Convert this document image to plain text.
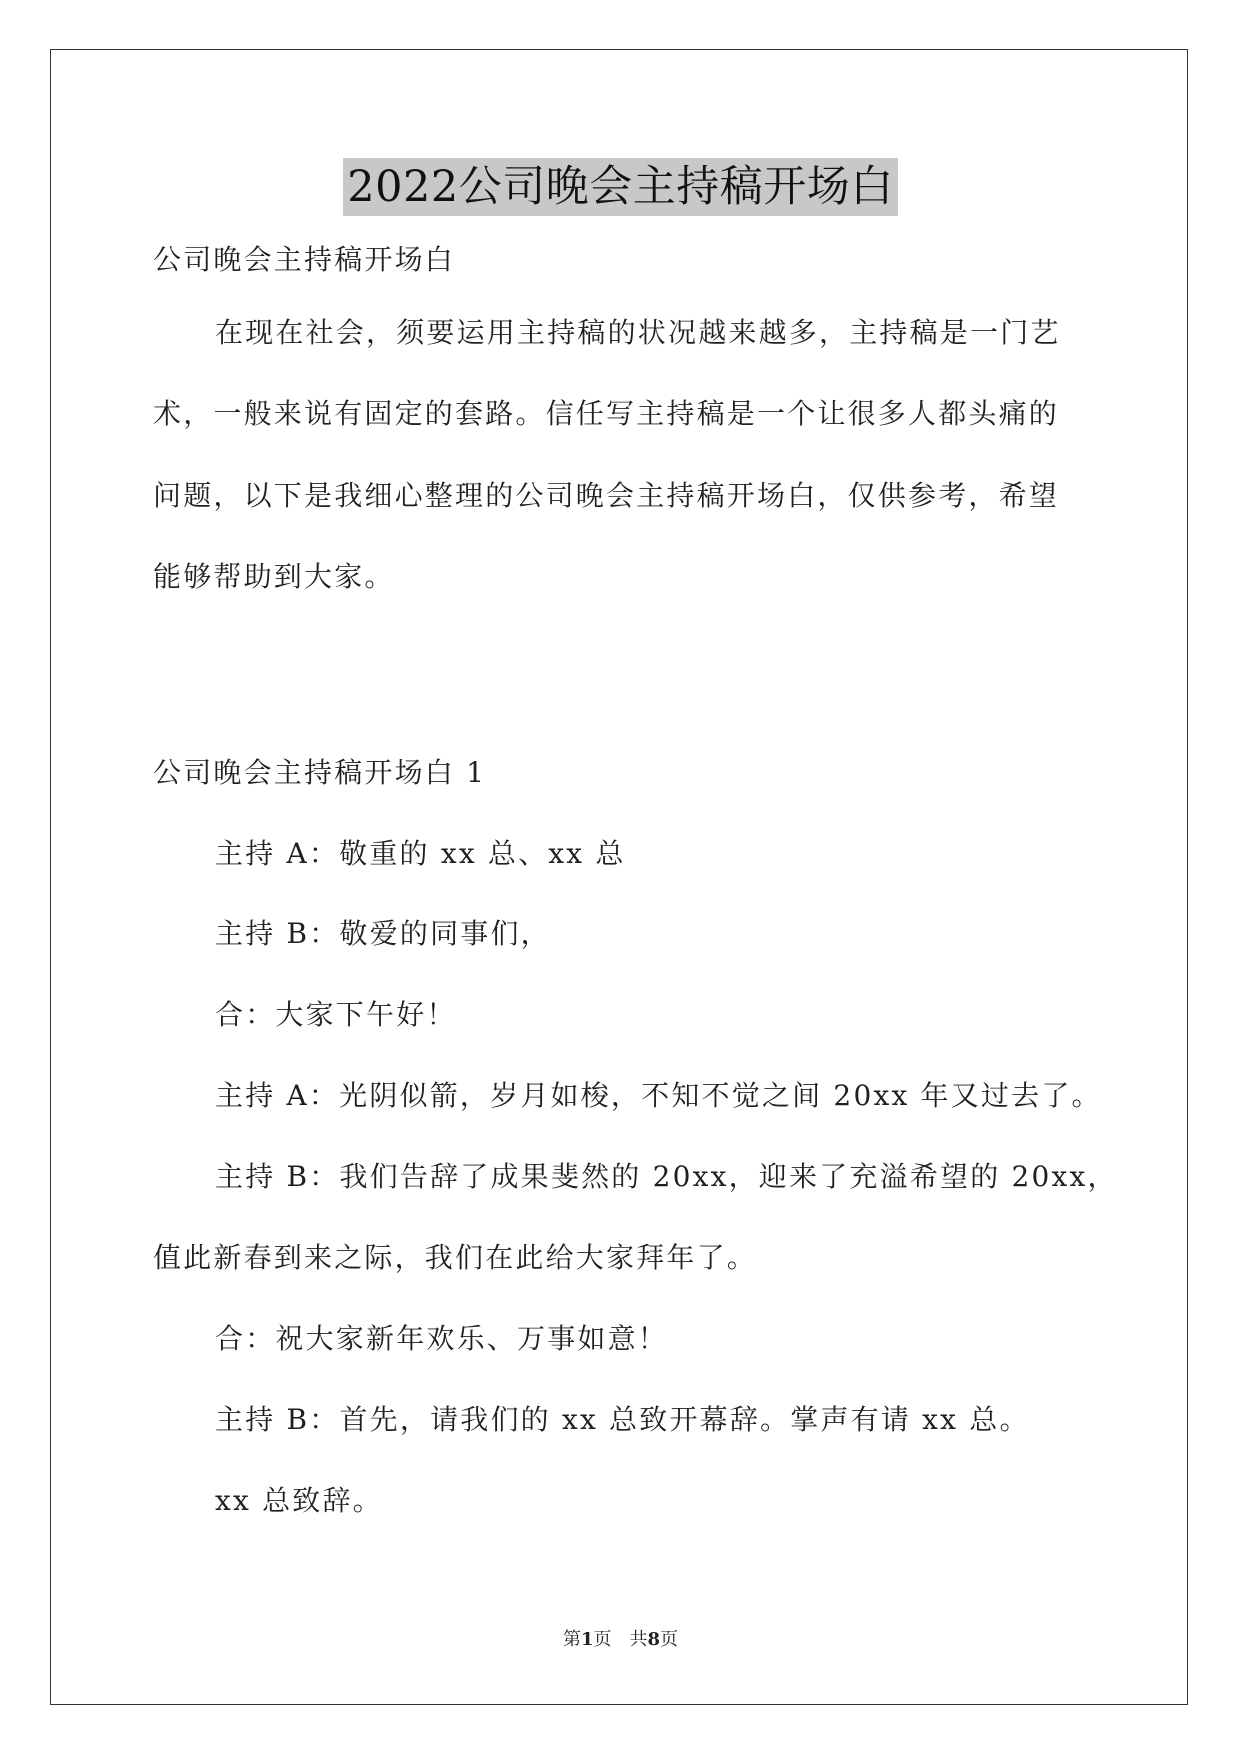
2022公司晚会主持稿开场白
公司晚会主持稿开场白
在现在社会，须要运用主持稿的状况越来越多，主持稿是一门艺
术，一般来说有固定的套路。信任写主持稿是一个让很多人都头痛的
问题，以下是我细心整理的公司晚会主持稿开场白，仅供参考，希望
能够帮助到大家。
公司晚会主持稿开场白 1
主持 A：敬重的 xx 总、xx 总
主持 B：敬爱的同事们，
合：大家下午好！
主持 A：光阴似箭，岁月如梭，不知不觉之间 20xx 年又过去了。
主持 B：我们告辞了成果斐然的 20xx，迎来了充溢希望的 20xx，
值此新春到来之际，我们在此给大家拜年了。
合：祝大家新年欢乐、万事如意！
主持 B：首先，请我们的 xx 总致开幕辞。掌声有请 xx 总。
xx 总致辞。
第1页　共8页
